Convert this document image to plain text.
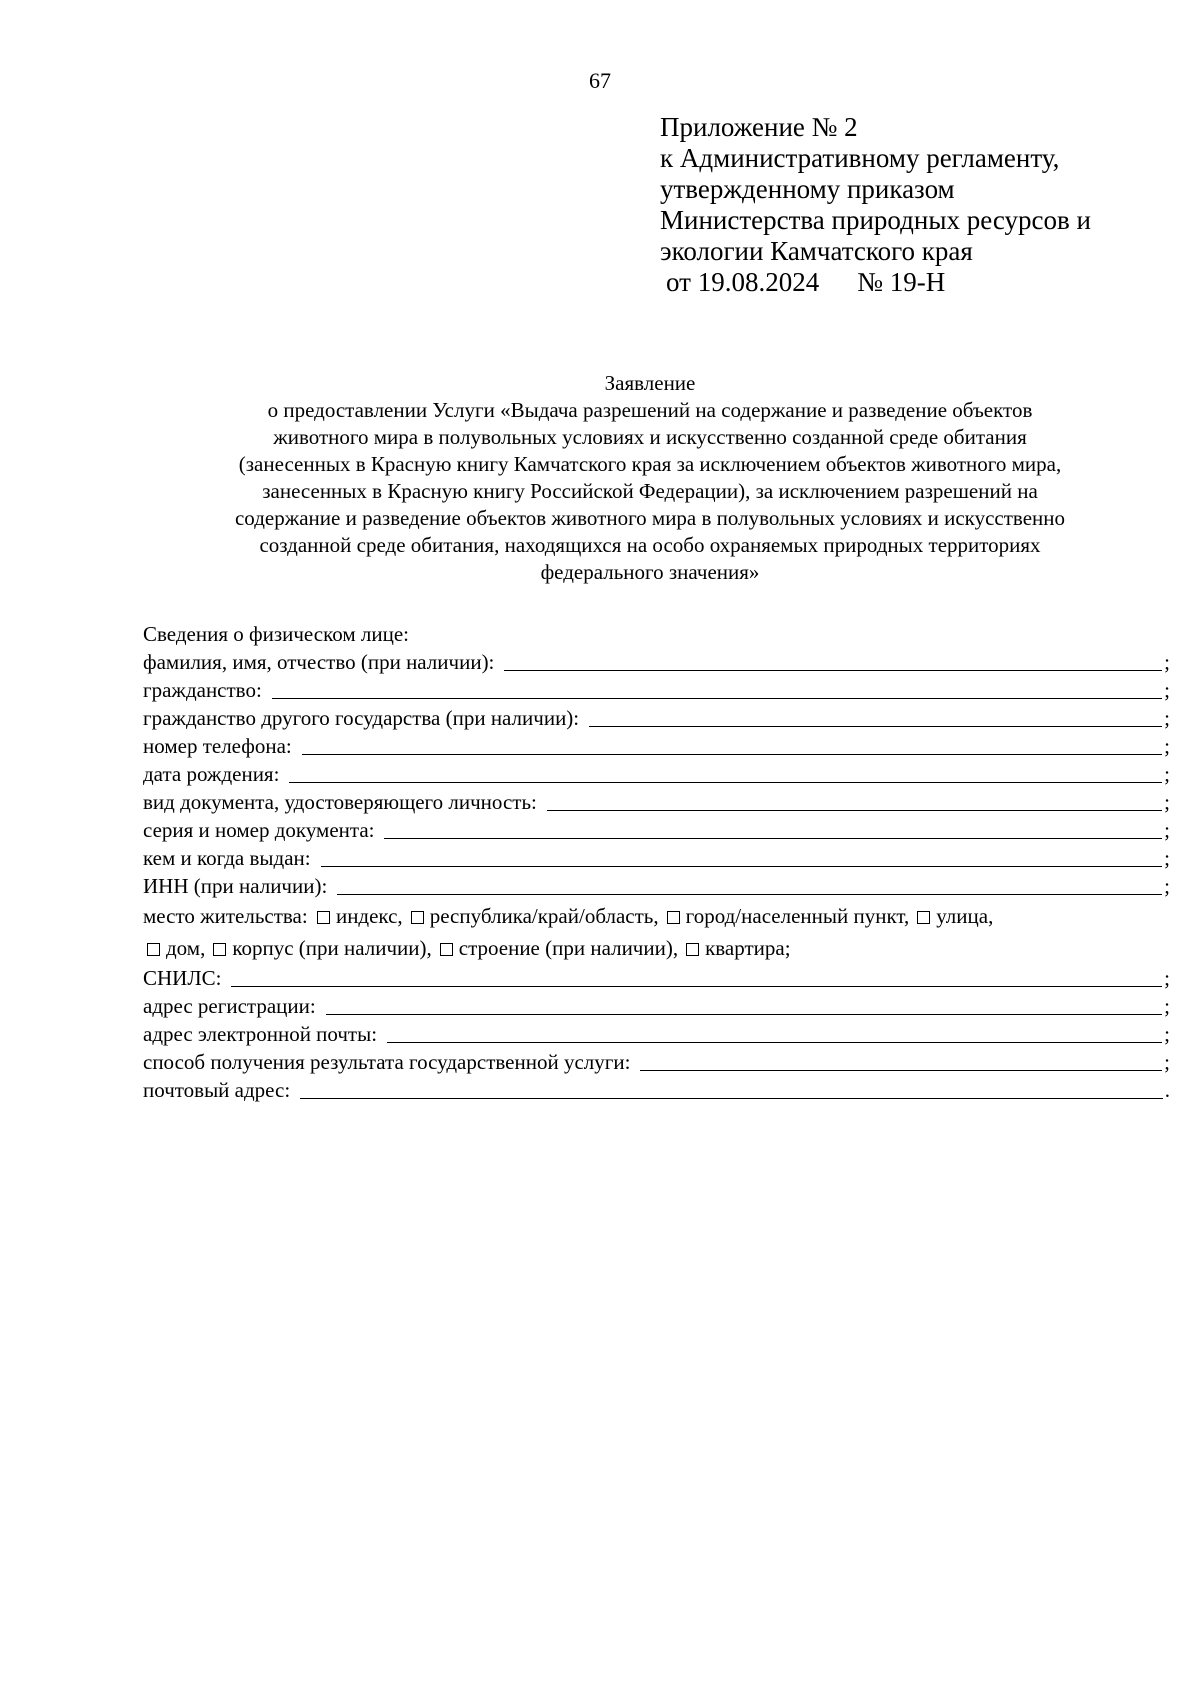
67
Приложение № 2
к Административному регламенту,
утвержденному приказом
Министерства природных ресурсов и
экологии Камчатского края
от 19.08.2024 № 19-Н
Заявление
о предоставлении Услуги «Выдача разрешений на содержание и разведение объектов
животного мира в полувольных условиях и искусственно созданной среде обитания
(занесенных в Красную книгу Камчатского края за исключением объектов животного мира,
занесенных в Красную книгу Российской Федерации), за исключением разрешений на
содержание и разведение объектов животного мира в полувольных условиях и искусственно
созданной среде обитания, находящихся на особо охраняемых природных территориях
федерального значения»
Сведения о физическом лице:
фамилия, имя, отчество (при наличии):	;
гражданство:	;
гражданство другого государства (при наличии):	;
номер телефона:	;
дата рождения:	;
вид документа, удостоверяющего личность:	;
серия и номер документа:	;
кем и когда выдан:	;
ИНН (при наличии):	;
место жительства: индекс, республика/край/область, город/населенный пункт, улица,
дом, корпус (при наличии), строение (при наличии), квартира;
СНИЛС:	;
адрес регистрации:	;
адрес электронной почты:	;
способ получения результата государственной услуги:	;
почтовый адрес:	.
